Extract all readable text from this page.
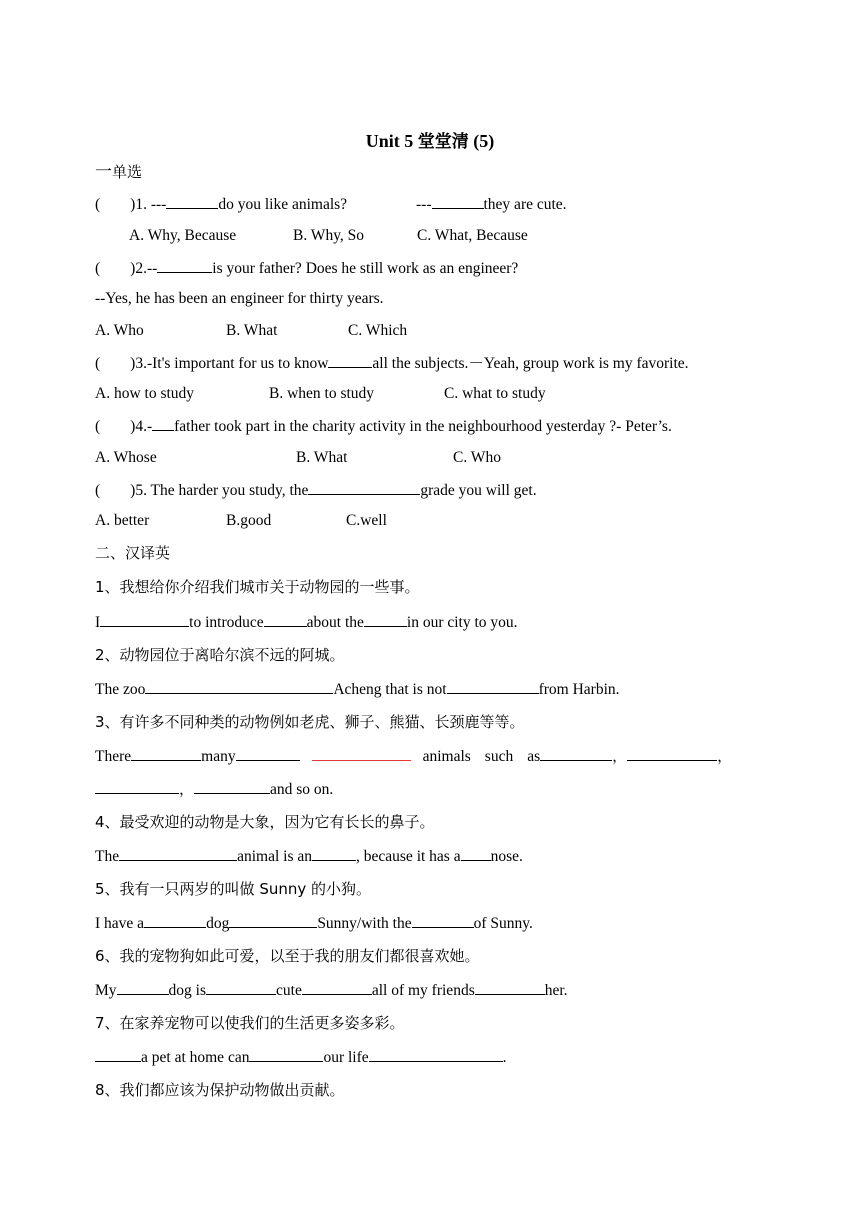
Unit 5 堂堂清 (5)
一单选
( )1. ---	do you like animals?	---	they are cute.
A. Why, Because	B. Why, So	C. What, Because
( )2.--	is your father? Does he still work as an engineer?
--Yes, he has been an engineer for thirty years.
A. Who	B. What	C. Which
( )3.-It's important for us to know	all the subjects.－Yeah, group work is my favorite.
A. how to study	B. when to study	C. what to study
( )4.- father took part in the charity activity in the neighbourhood yesterday ?- Peter’s.
A. Whose	B. What	C. Who
( )5. The harder you study, the	grade you will get.
A. better	B.good	C.well
二、汉译英
1、我想给你介绍我们城市关于动物园的一些事。
I	to introduce	about the	in our city to you.
2、动物园位于离哈尔滨不远的阿城。
The zoo	Acheng that is not	from Harbin.
3、有许多不同种类的动物例如老虎、狮子、熊猫、长颈鹿等等。
There	many	animals such as	，	，
，	and so on.
4、最受欢迎的动物是大象，因为它有长长的鼻子。
The	animal is an	, because it has a nose.
5、我有一只两岁的叫做 Sunny 的小狗。
I have a	dog	Sunny/with the	of Sunny.
6、我的宠物狗如此可爱，以至于我的朋友们都很喜欢她。
My	dog is	cute	all of my friends	her.
7、在家养宠物可以使我们的生活更多姿多彩。
a pet at home can	our life	.
8、我们都应该为保护动物做出贡献。
